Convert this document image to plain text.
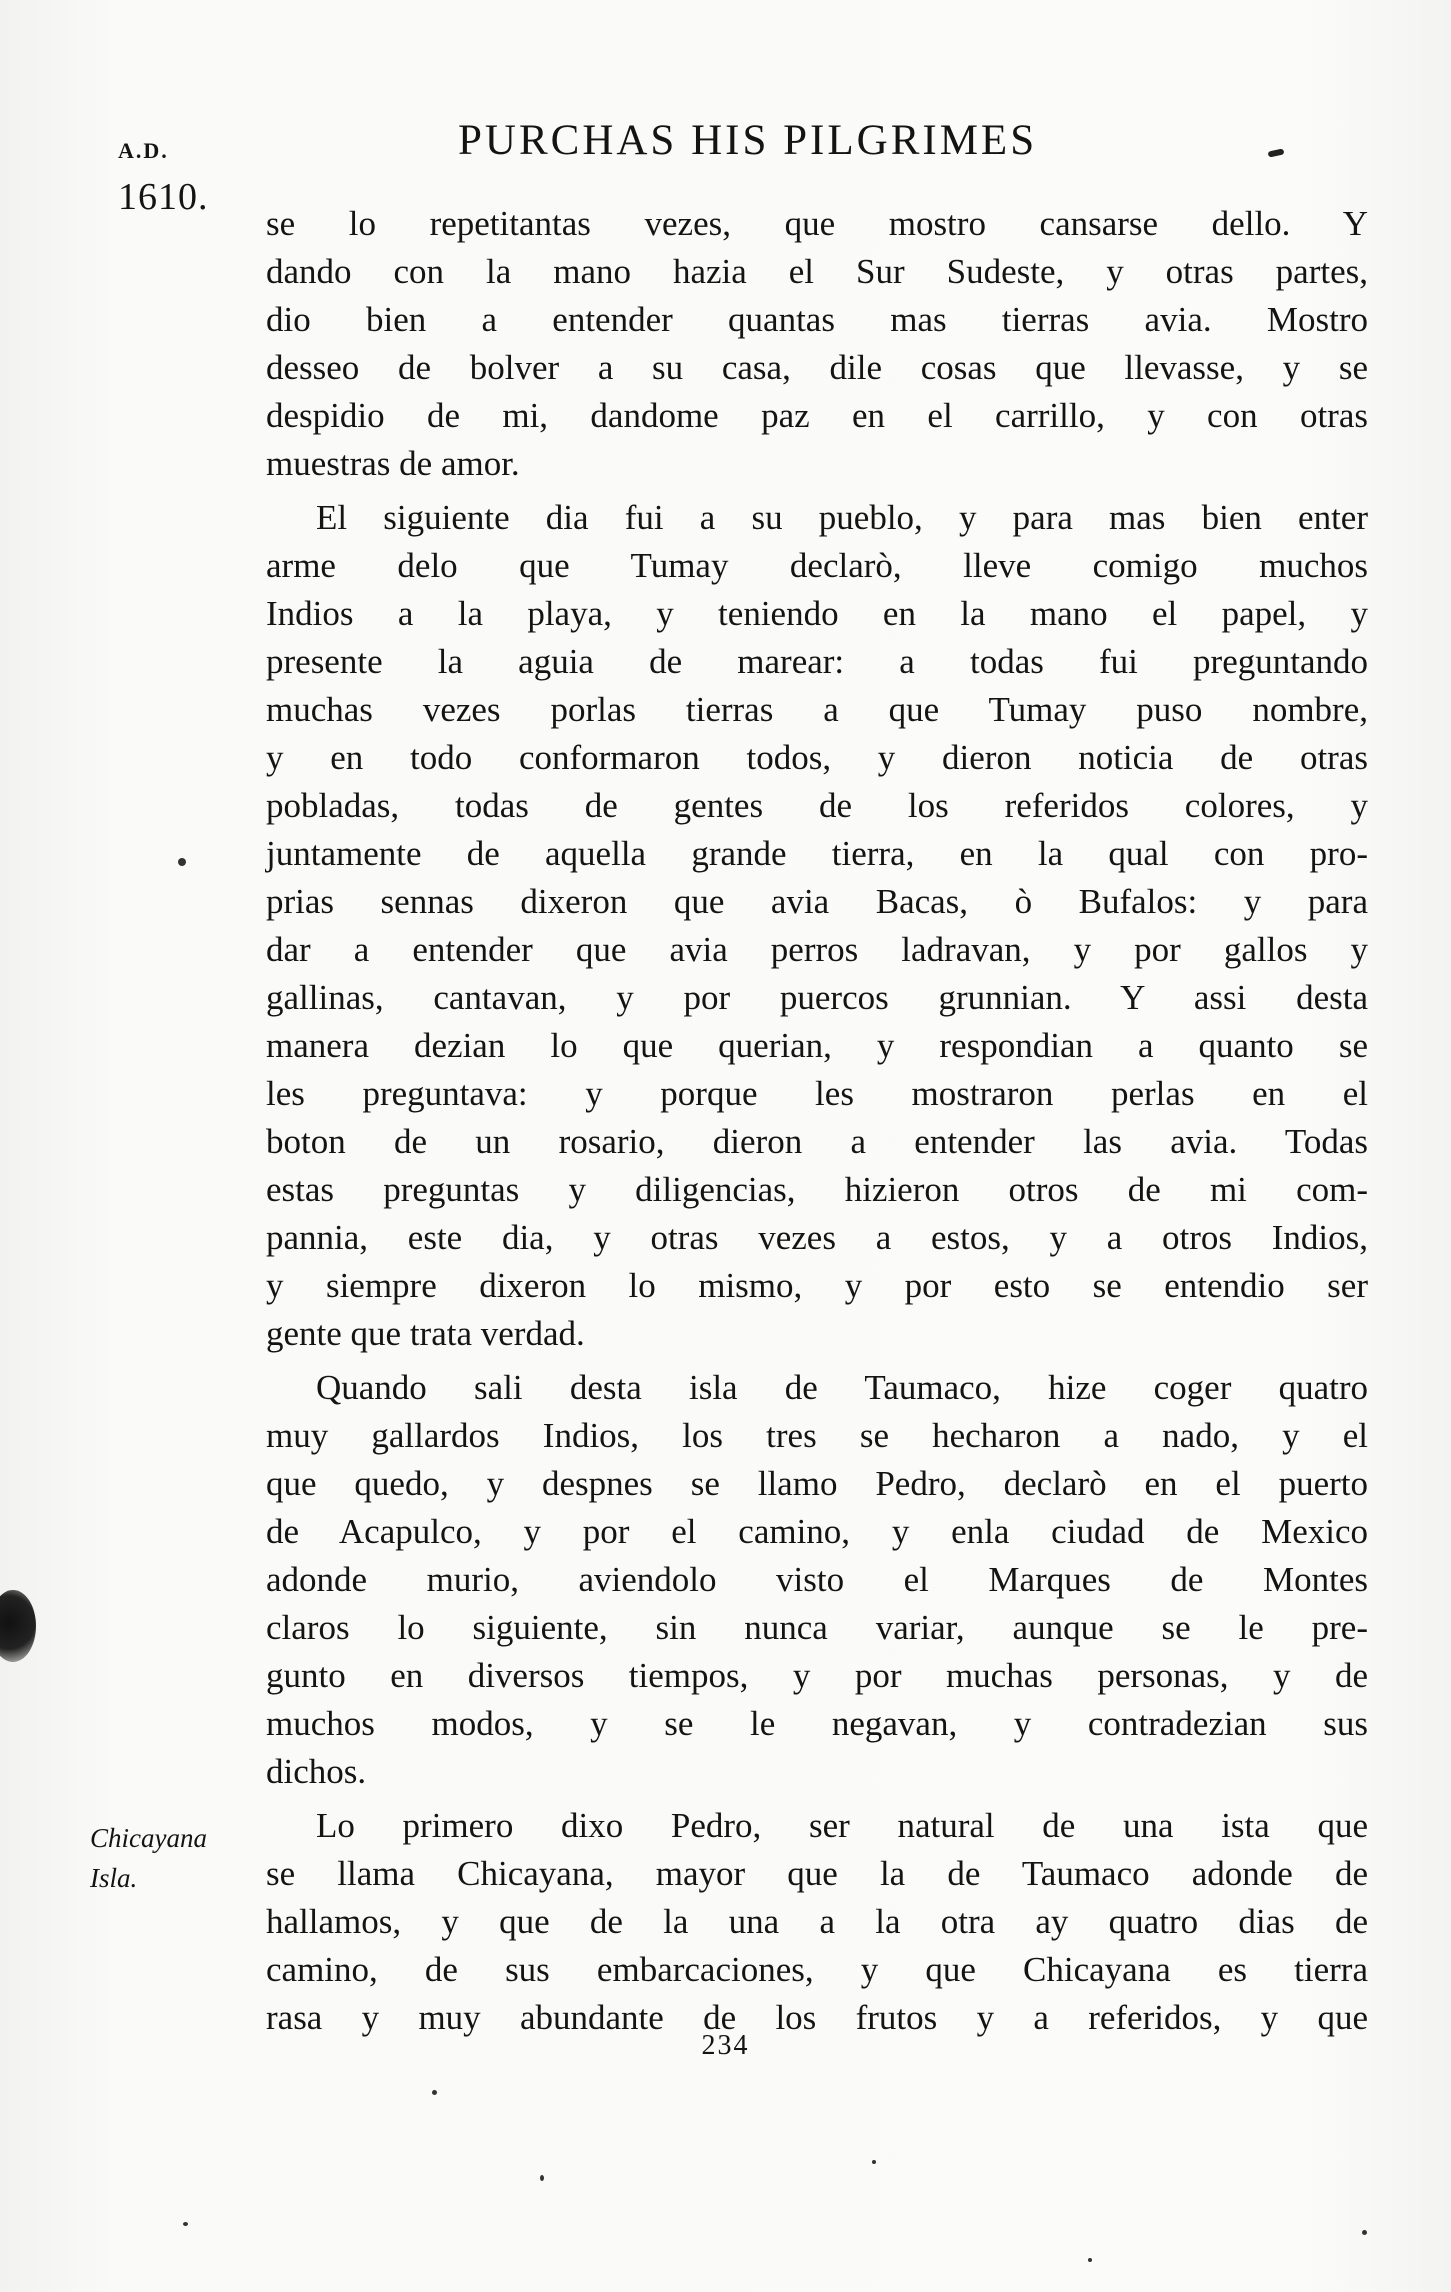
A.D.
1610.
PURCHAS HIS PILGRIMES
se lo repetitantas vezes, que mostro cansarse dello. Y
dando con la mano hazia el Sur Sudeste, y otras partes,
dio bien a entender quantas mas tierras avia. Mostro
desseo de bolver a su casa, dile cosas que llevasse, y se
despidio de mi, dandome paz en el carrillo, y con otras
muestras de amor.
El siguiente dia fui a su pueblo, y para mas bien enter
arme delo que Tumay declarò, lleve comigo muchos
Indios a la playa, y teniendo en la mano el papel, y
presente la aguia de marear: a todas fui preguntando
muchas vezes porlas tierras a que Tumay puso nombre,
y en todo conformaron todos, y dieron noticia de otras
pobladas, todas de gentes de los referidos colores, y
juntamente de aquella grande tierra, en la qual con pro-
prias sennas dixeron que avia Bacas, ò Bufalos: y para
dar a entender que avia perros ladravan, y por gallos y
gallinas, cantavan, y por puercos grunnian. Y assi desta
manera dezian lo que querian, y respondian a quanto se
les preguntava: y porque les mostraron perlas en el
boton de un rosario, dieron a entender las avia. Todas
estas preguntas y diligencias, hizieron otros de mi com-
pannia, este dia, y otras vezes a estos, y a otros Indios,
y siempre dixeron lo mismo, y por esto se entendio ser
gente que trata verdad.
Quando sali desta isla de Taumaco, hize coger quatro
muy gallardos Indios, los tres se hecharon a nado, y el
que quedo, y despnes se llamo Pedro, declarò en el puerto
de Acapulco, y por el camino, y enla ciudad de Mexico
adonde murio, aviendolo visto el Marques de Montes
claros lo siguiente, sin nunca variar, aunque se le pre-
gunto en diversos tiempos, y por muchas personas, y de
muchos modos, y se le negavan, y contradezian sus
dichos.
Lo primero dixo Pedro, ser natural de una ista que
se llama Chicayana, mayor que la de Taumaco adonde de
hallamos, y que de la una a la otra ay quatro dias de
camino, de sus embarcaciones, y que Chicayana es tierra
rasa y muy abundante de los frutos y a referidos, y que
Chicayana
Isla.
234
